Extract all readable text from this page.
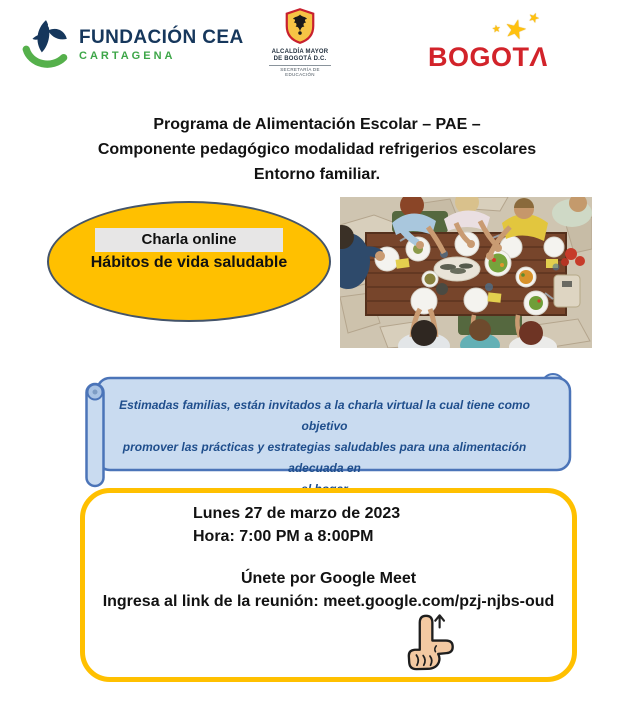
FUNDACIÓN CEA
CARTAGENA	ALCALDÍA MAYOR
DE BOGOTÁ D.C.
SECRETARÍA DE EDUCACIÓN
★ ★
★
BOGOTΛ
Programa de Alimentación Escolar – PAE –
Componente pedagógico modalidad refrigerios escolares
Entorno familiar.
Charla online
Hábitos de vida saludable
Estimadas familias, están invitados a la charla virtual la cual tiene como objetivo
promover las prácticas y estrategias saludables para una alimentación adecuada en
Lunes 27 de marzo de 2023
Hora: 7:00 PM a 8:00PM
Únete por Google Meet
Ingresa al link de la reunión: meet.google.com/pzj-njbs-oud
